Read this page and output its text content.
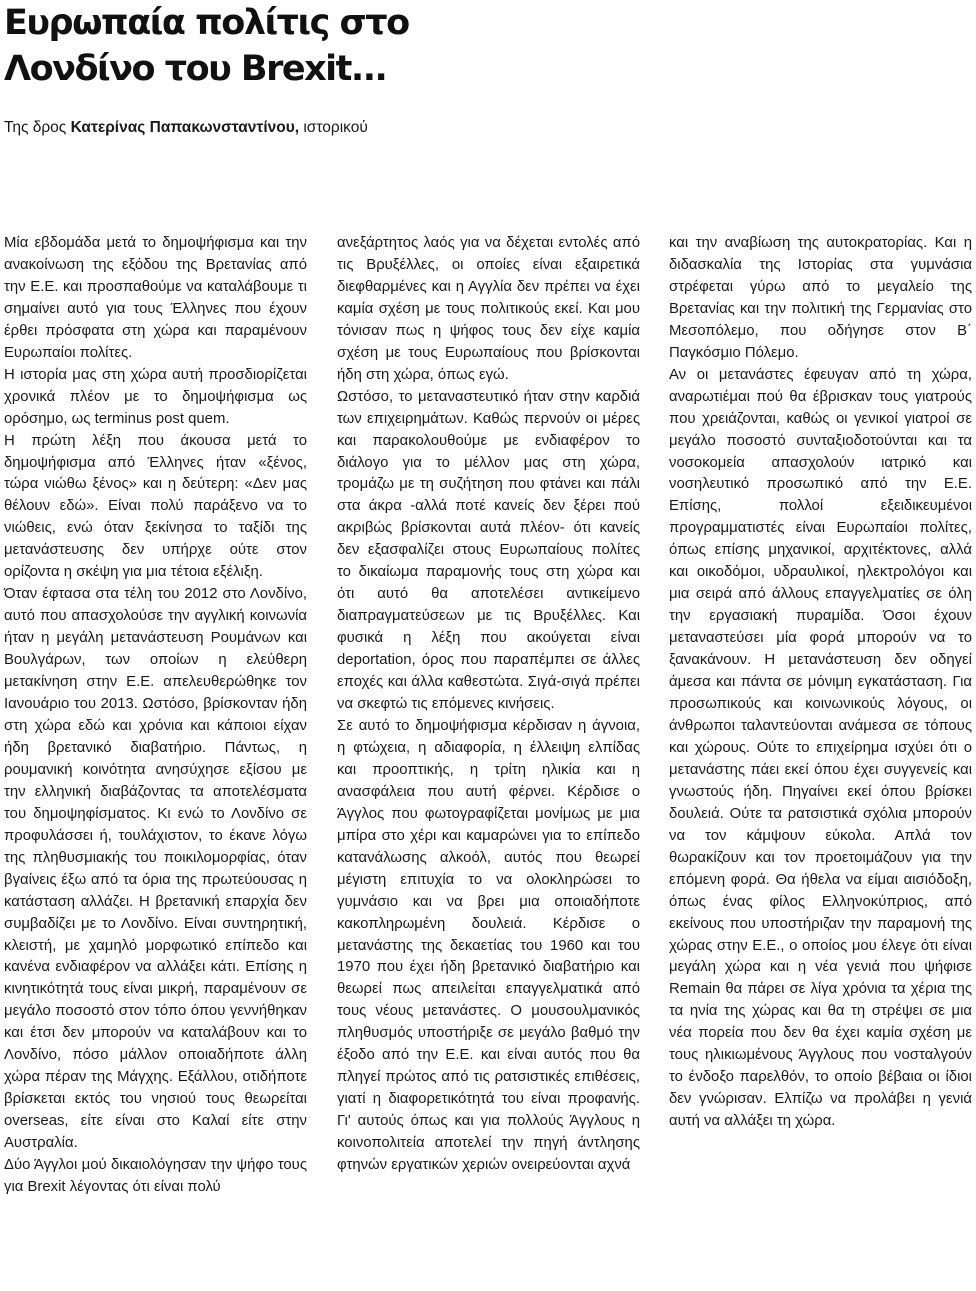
Ευρωπαία πολίτις στο
Λονδίνο του Brexit...

Της δρος Κατερίνας Παπακωνσταντίνου, ιστορικού

Μία εβδομάδα μετά το δημοψήφισμα και την ανακοίνωση της εξόδου της Βρετανίας από την Ε.Ε. και προσπαθούμε να καταλάβουμε τι σημαίνει αυτό για τους Έλληνες που έχουν έρθει πρόσφατα στη χώρα και παραμένουν Ευρωπαίοι πολίτες.

Η ιστορία μας στη χώρα αυτή προσδιορίζεται χρονικά πλέον με το δημοψήφισμα ως ορόσημο, ως terminus post quem.

Η πρώτη λέξη που άκουσα μετά το δημοψήφισμα από Έλληνες ήταν «ξένος, τώρα νιώθω ξένος» και η δεύτερη: «Δεν μας θέλουν εδώ». Είναι πολύ παράξενο να το νιώθεις, ενώ όταν ξεκίνησα το ταξίδι της μετανάστευσης δεν υπήρχε ούτε στον ορίζοντα η σκέψη για μια τέτοια εξέλιξη.

Όταν έφτασα στα τέλη του 2012 στο Λονδίνο, αυτό που απασχολούσε την αγγλική κοινωνία ήταν η μεγάλη μετανάστευση Ρουμάνων και Βουλγάρων, των οποίων η ελεύθερη μετακίνηση στην Ε.Ε. απελευθερώθηκε τον Ιανουάριο του 2013. Ωστόσο, βρίσκονταν ήδη στη χώρα εδώ και χρόνια και κάποιοι είχαν ήδη βρετανικό διαβατήριο. Πάντως, η ρουμανική κοινότητα ανησύχησε εξίσου με την ελληνική διαβάζοντας τα αποτελέσματα του δημοψηφίσματος. Κι ενώ το Λονδίνο σε προφυλάσσει ή, τουλάχιστον, το έκανε λόγω της πληθυσμιακής του ποικιλομορφίας, όταν βγαίνεις έξω από τα όρια της πρωτεύουσας η κατάσταση αλλάζει. Η βρετανική επαρχία δεν συμβαδίζει με το Λονδίνο. Είναι συντηρητική, κλειστή, με χαμηλό μορφωτικό επίπεδο και κανένα ενδιαφέρον να αλλάξει κάτι. Επίσης η κινητικότητά τους είναι μικρή, παραμένουν σε μεγάλο ποσοστό στον τόπο όπου γεννήθηκαν και έτσι δεν μπορούν να καταλάβουν και το Λονδίνο, πόσο μάλλον οποιαδήποτε άλλη χώρα πέραν της Μάγχης. Εξάλλου, οτιδήποτε βρίσκεται εκτός του νησιού τους θεωρείται overseas, είτε είναι στο Καλαί είτε στην Αυστραλία.

Δύο Άγγλοι μού δικαιολόγησαν την ψήφο τους για Brexit λέγοντας ότι είναι πολύ

ανεξάρτητος λαός για να δέχεται εντολές από τις Βρυξέλλες, οι οποίες είναι εξαιρετικά διεφθαρμένες και η Αγγλία δεν πρέπει να έχει καμία σχέση με τους πολιτικούς εκεί. Και μου τόνισαν πως η ψήφος τους δεν είχε καμία σχέση με τους Ευρωπαίους που βρίσκονται ήδη στη χώρα, όπως εγώ.

Ωστόσο, το μεταναστευτικό ήταν στην καρδιά των επιχειρημάτων. Καθώς περνούν οι μέρες και παρακολουθούμε με ενδιαφέρον το διάλογο για το μέλλον μας στη χώρα, τρομάζω με τη συζήτηση που φτάνει και πάλι στα άκρα -αλλά ποτέ κανείς δεν ξέρει πού ακριβώς βρίσκονται αυτά πλέον- ότι κανείς δεν εξασφαλίζει στους Ευρωπαίους πολίτες το δικαίωμα παραμονής τους στη χώρα και ότι αυτό θα αποτελέσει αντικείμενο διαπραγματεύσεων με τις Βρυξέλλες. Και φυσικά η λέξη που ακούγεται είναι deportation, όρος που παραπέμπει σε άλλες εποχές και άλλα καθεστώτα. Σιγά-σιγά πρέπει να σκεφτώ τις επόμενες κινήσεις.

Σε αυτό το δημοψήφισμα κέρδισαν η άγνοια, η φτώχεια, η αδιαφορία, η έλλειψη ελπίδας και προοπτικής, η τρίτη ηλικία και η ανασφάλεια που αυτή φέρνει. Κέρδισε ο Άγγλος που φωτογραφίζεται μονίμως με μια μπίρα στο χέρι και καμαρώνει για το επίπεδο κατανάλωσης αλκοόλ, αυτός που θεωρεί μέγιστη επιτυχία το να ολοκληρώσει το γυμνάσιο και να βρει μια οποιαδήποτε κακοπληρωμένη δουλειά. Κέρδισε ο μετανάστης της δεκαετίας του 1960 και του 1970 που έχει ήδη βρετανικό διαβατήριο και θεωρεί πως απειλείται επαγγελματικά από τους νέους μετανάστες. Ο μουσουλμανικός πληθυσμός υποστήριξε σε μεγάλο βαθμό την έξοδο από την Ε.Ε. και είναι αυτός που θα πληγεί πρώτος από τις ρατσιστικές επιθέσεις, γιατί η διαφορετικότητά του είναι προφανής. Γι' αυτούς όπως και για πολλούς Άγγλους η κοινοπολιτεία αποτελεί την πηγή άντλησης φτηνών εργατικών χεριών ονειρεύονται αχνά

και την αναβίωση της αυτοκρατορίας. Και η διδασκαλία της Ιστορίας στα γυμνάσια στρέφεται γύρω από το μεγαλείο της Βρετανίας και την πολιτική της Γερμανίας στο Μεσοπόλεμο, που οδήγησε στον Β΄ Παγκόσμιο Πόλεμο.

Αν οι μετανάστες έφευγαν από τη χώρα, αναρωτιέμαι πού θα έβρισκαν τους γιατρούς που χρειάζονται, καθώς οι γενικοί γιατροί σε μεγάλο ποσοστό συνταξιοδοτούνται και τα νοσοκομεία απασχολούν ιατρικό και νοσηλευτικό προσωπικό από την Ε.Ε. Επίσης, πολλοί εξειδικευμένοι προγραμματιστές είναι Ευρωπαίοι πολίτες, όπως επίσης μηχανικοί, αρχιτέκτονες, αλλά και οικοδόμοι, υδραυλικοί, ηλεκτρολόγοι και μια σειρά από άλλους επαγγελματίες σε όλη την εργασιακή πυραμίδα. Όσοι έχουν μεταναστεύσει μία φορά μπορούν να το ξανακάνουν. Η μετανάστευση δεν οδηγεί άμεσα και πάντα σε μόνιμη εγκατάσταση. Για προσωπικούς και κοινωνικούς λόγους, οι άνθρωποι ταλαντεύονται ανάμεσα σε τόπους και χώρους. Ούτε το επιχείρημα ισχύει ότι ο μετανάστης πάει εκεί όπου έχει συγγενείς και γνωστούς ήδη. Πηγαίνει εκεί όπου βρίσκει δουλειά. Ούτε τα ρατσιστικά σχόλια μπορούν να τον κάμψουν εύκολα. Απλά τον θωρακίζουν και τον προετοιμάζουν για την επόμενη φορά. Θα ήθελα να είμαι αισιόδοξη, όπως ένας φίλος Ελληνοκύπριος, από εκείνους που υποστήριζαν την παραμονή της χώρας στην Ε.Ε., ο οποίος μου έλεγε ότι είναι μεγάλη χώρα και η νέα γενιά που ψήφισε Remain θα πάρει σε λίγα χρόνια τα χέρια της τα ηνία της χώρας και θα τη στρέψει σε μια νέα πορεία που δεν θα έχει καμία σχέση με τους ηλικιωμένους Άγγλους που νοσταλγούν το ένδοξο παρελθόν, το οποίο βέβαια οι ίδιοι δεν γνώρισαν. Ελπίζω να προλάβει η γενιά αυτή να αλλάξει τη χώρα.
